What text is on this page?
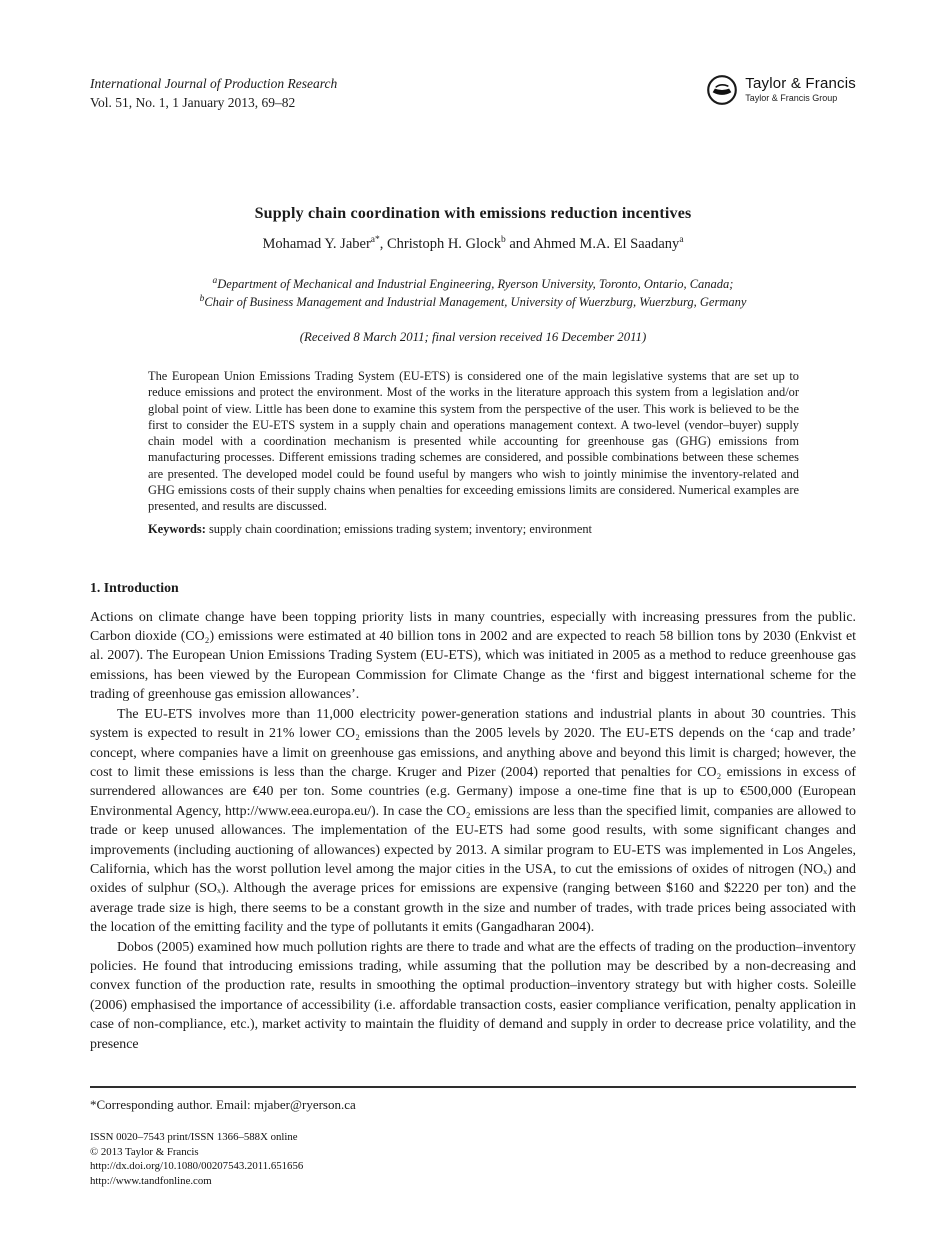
International Journal of Production Research
Vol. 51, No. 1, 1 January 2013, 69–82
Taylor & Francis
Taylor & Francis Group
Supply chain coordination with emissions reduction incentives
Mohamad Y. Jaber$^{a*}$, Christoph H. Glock$^b$ and Ahmed M.A. El Saadany$^a$
$^a$Department of Mechanical and Industrial Engineering, Ryerson University, Toronto, Ontario, Canada;
$^b$Chair of Business Management and Industrial Management, University of Wuerzburg, Wuerzburg, Germany
(Received 8 March 2011; final version received 16 December 2011)
The European Union Emissions Trading System (EU-ETS) is considered one of the main legislative systems that are set up to reduce emissions and protect the environment. Most of the works in the literature approach this system from a legislation and/or global point of view. Little has been done to examine this system from the perspective of the user. This work is believed to be the first to consider the EU-ETS system in a supply chain and operations management context. A two-level (vendor–buyer) supply chain model with a coordination mechanism is presented while accounting for greenhouse gas (GHG) emissions from manufacturing processes. Different emissions trading schemes are considered, and possible combinations between these schemes are presented. The developed model could be found useful by mangers who wish to jointly minimise the inventory-related and GHG emissions costs of their supply chains when penalties for exceeding emissions limits are considered. Numerical examples are presented, and results are discussed.
Keywords: supply chain coordination; emissions trading system; inventory; environment
1. Introduction

Actions on climate change have been topping priority lists in many countries, especially with increasing pressures from the public. Carbon dioxide (CO₂) emissions were estimated at 40 billion tons in 2002 and are expected to reach 58 billion tons by 2030 (Enkvist et al. 2007). The European Union Emissions Trading System (EU-ETS), which was initiated in 2005 as a method to reduce greenhouse gas emissions, has been viewed by the European Commission for Climate Change as the ‘first and biggest international scheme for the trading of greenhouse gas emission allowances’.

The EU-ETS involves more than 11,000 electricity power-generation stations and industrial plants in about 30 countries. This system is expected to result in 21% lower CO₂ emissions than the 2005 levels by 2020. The EU-ETS depends on the ‘cap and trade’ concept, where companies have a limit on greenhouse gas emissions, and anything above and beyond this limit is charged; however, the cost to limit these emissions is less than the charge. Kruger and Pizer (2004) reported that penalties for CO₂ emissions in excess of surrendered allowances are €40 per ton. Some countries (e.g. Germany) impose a one-time fine that is up to €500,000 (European Environmental Agency, http://www.eea.europa.eu/). In case the CO₂ emissions are less than the specified limit, companies are allowed to trade or keep unused allowances. The implementation of the EU-ETS had some good results, with some significant changes and improvements (including auctioning of allowances) expected by 2013. A similar program to EU-ETS was implemented in Los Angeles, California, which has the worst pollution level among the major cities in the USA, to cut the emissions of oxides of nitrogen (NOₓ) and oxides of sulphur (SOₓ). Although the average prices for emissions are expensive (ranging between $160 and $2220 per ton) and the average trade size is high, there seems to be a constant growth in the size and number of trades, with trade prices being associated with the location of the emitting facility and the type of pollutants it emits (Gangadharan 2004).

Dobos (2005) examined how much pollution rights are there to trade and what are the effects of trading on the production–inventory policies. He found that introducing emissions trading, while assuming that the pollution may be described by a non-decreasing and convex function of the production rate, results in smoothing the optimal production–inventory strategy but with higher costs. Soleille (2006) emphasised the importance of accessibility (i.e. affordable transaction costs, easier compliance verification, penalty application in case of non-compliance, etc.), market activity to maintain the fluidity of demand and supply in order to decrease price volatility, and the presence

*Corresponding author. Email: mjaber@ryerson.ca
ISSN 0020–7543 print/ISSN 1366–588X online
© 2013 Taylor & Francis
http://dx.doi.org/10.1080/00207543.2011.651656
http://www.tandfonline.com
